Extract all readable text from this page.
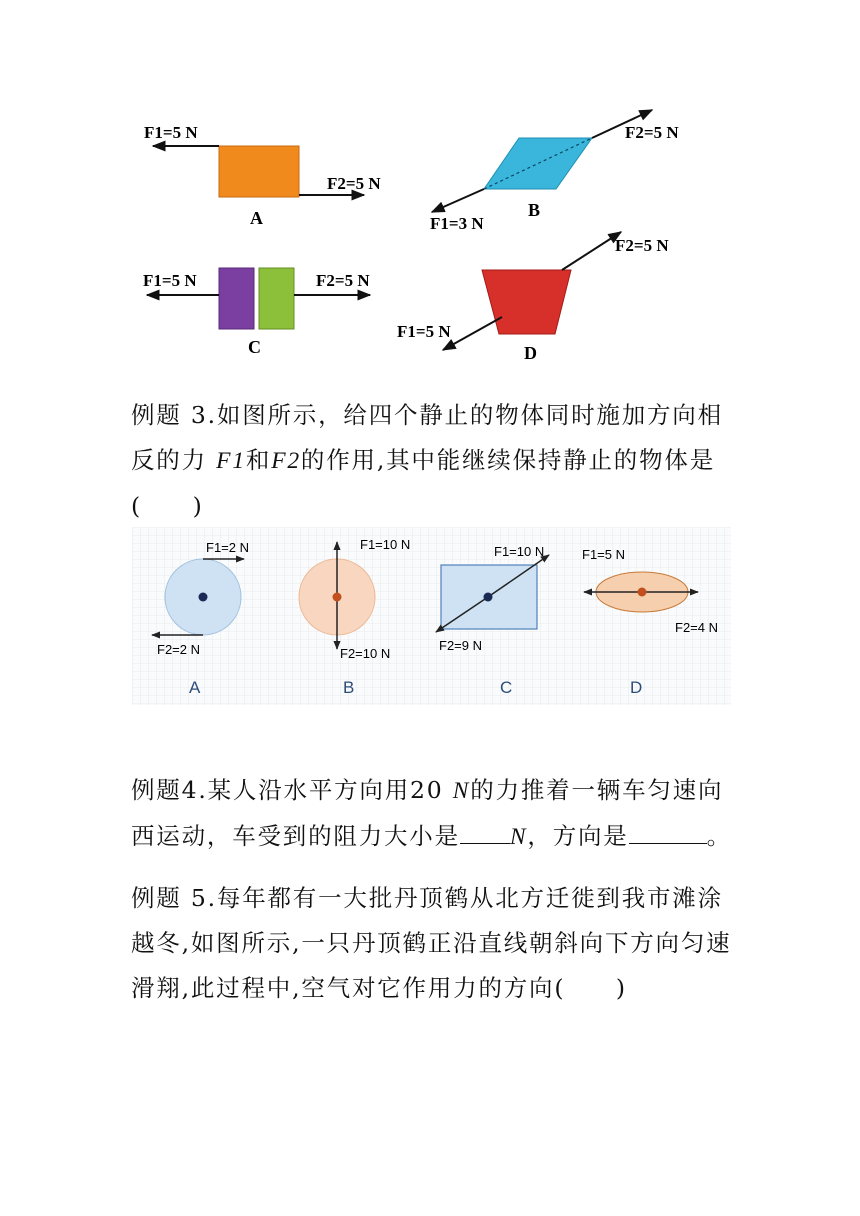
F1=5 N
F2=5 N
A	F1=3 N
F2=5 N
B
F1=5 N	F2=5 N
C
F1=5 N
F2=5 N
D

例题 3.如图所示，给四个静止的物体同时施加方向相反的力 F1和F2的作用,其中能继续保持静止的物体是
(　　)

F1=2 N
F2=2 N
A
F1=10 N
F2=10 N
B
F1=10 N
F2=9 N
C
F1=5 N
F2=4 N
D

例题4.某人沿水平方向用20 N的力推着一辆车匀速向西运动，车受到的阻力大小是 N，方向是	。

例题 5.每年都有一大批丹顶鹤从北方迁徙到我市滩涂越冬,如图所示,一只丹顶鹤正沿直线朝斜向下方向匀速滑翔,此过程中,空气对它作用力的方向(　　)
